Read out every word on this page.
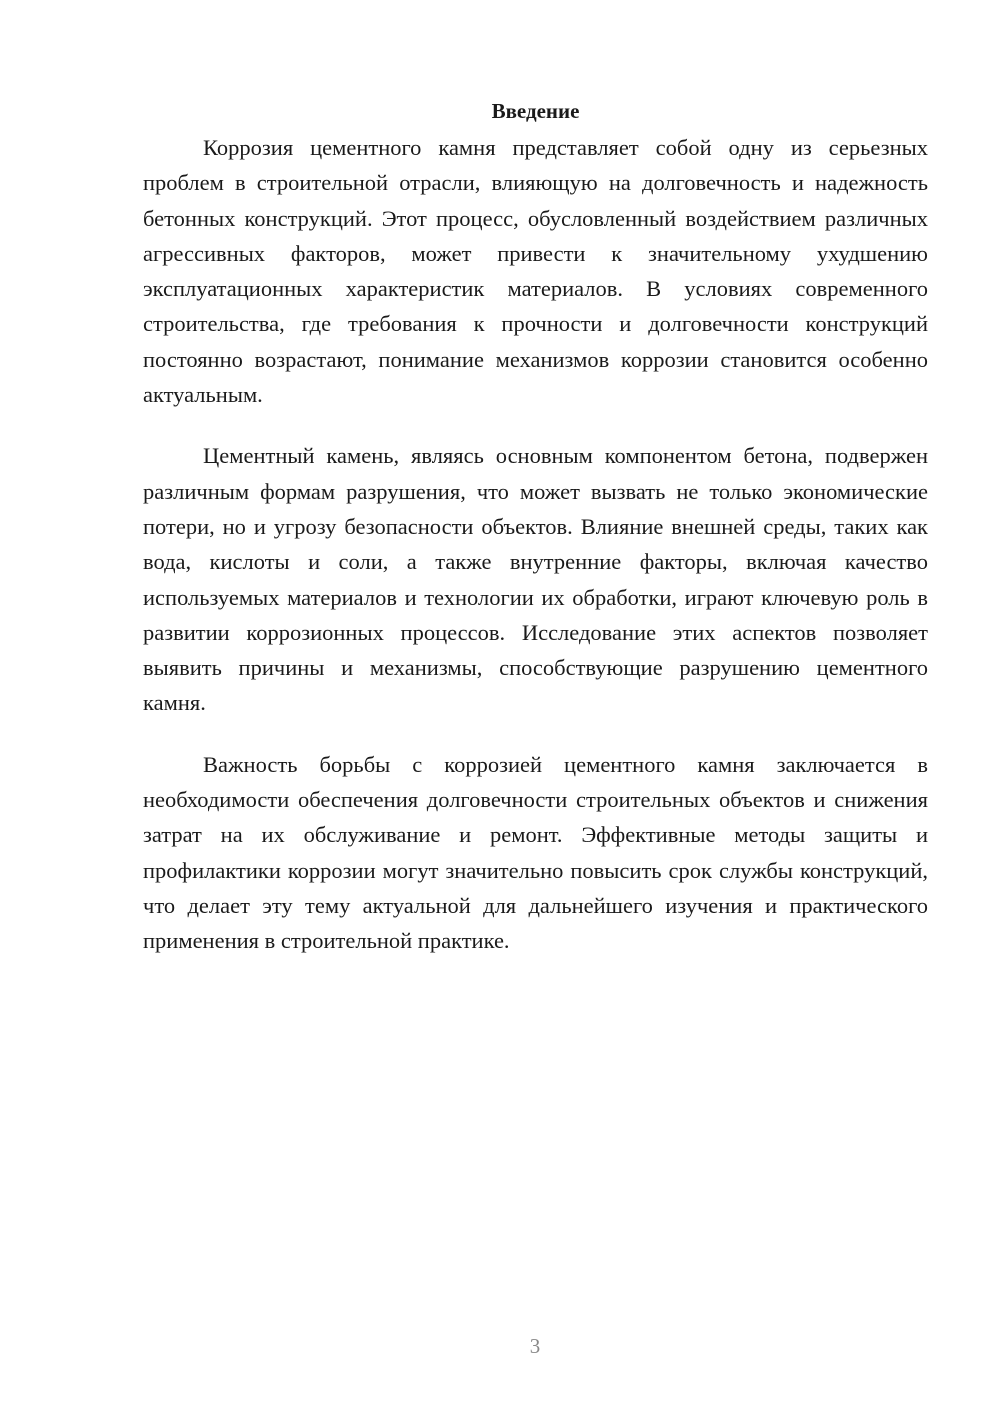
Введение

Коррозия цементного камня представляет собой одну из серьезных проблем в строительной отрасли, влияющую на долговечность и надежность бетонных конструкций. Этот процесс, обусловленный воздействием различных агрессивных факторов, может привести к значительному ухудшению эксплуатационных характеристик материалов. В условиях современного строительства, где требования к прочности и долговечности конструкций постоянно возрастают, понимание механизмов коррозии становится особенно актуальным.

Цементный камень, являясь основным компонентом бетона, подвержен различным формам разрушения, что может вызвать не только экономические потери, но и угрозу безопасности объектов. Влияние внешней среды, таких как вода, кислоты и соли, а также внутренние факторы, включая качество используемых материалов и технологии их обработки, играют ключевую роль в развитии коррозионных процессов. Исследование этих аспектов позволяет выявить причины и механизмы, способствующие разрушению цементного камня.

Важность борьбы с коррозией цементного камня заключается в необходимости обеспечения долговечности строительных объектов и снижения затрат на их обслуживание и ремонт. Эффективные методы защиты и профилактики коррозии могут значительно повысить срок службы конструкций, что делает эту тему актуальной для дальнейшего изучения и практического применения в строительной практике.

3
